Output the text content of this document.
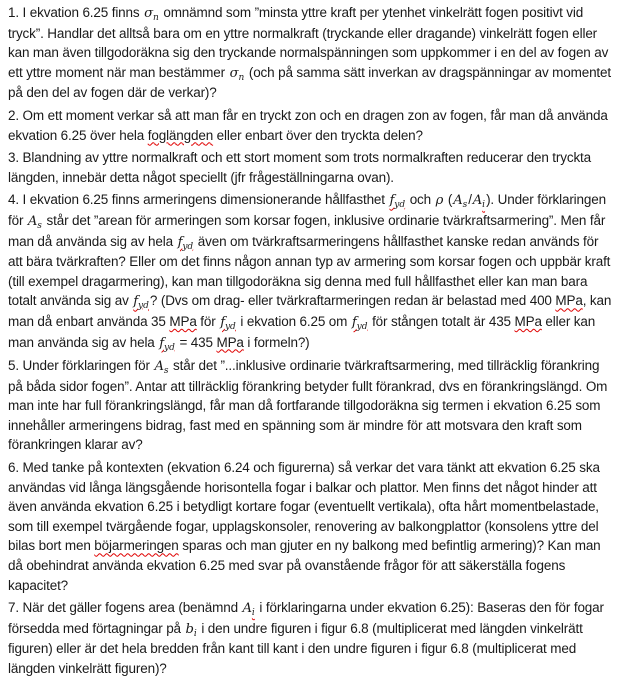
1. I ekvation 6.25 finns $\sigma_n$ omnämnd som ”minsta yttre kraft per ytenhet vinkelrätt fogen positivt vid tryck”. Handlar det alltså bara om en yttre normalkraft (tryckande eller dragande) vinkelrätt fogen eller kan man även tillgodoräkna sig den tryckande normalspänningen som uppkommer i en del av fogen av ett yttre moment när man bestämmer $\sigma_n$ (och på samma sätt inverkan av dragspänningar av momentet på den del av fogen där de verkar)?

2. Om ett moment verkar så att man får en tryckt zon och en dragen zon av fogen, får man då använda ekvation 6.25 över hela foglängden eller enbart över den tryckta delen?

3. Blandning av yttre normalkraft och ett stort moment som trots normalkraften reducerar den tryckta längden, innebär detta något speciellt (jfr frågeställningarna ovan).

4. I ekvation 6.25 finns armeringens dimensionerande hållfasthet $f_{yd}$ och ρ $(A_s/A_i)$. Under förklaringen för $A_s$ står det ”arean för armeringen som korsar fogen, inklusive ordinarie tvärkraftsarmering”. Men får man då använda sig av hela $f_{yd}$ även om tvärkraftsarmeringens hållfasthet kanske redan används för att bära tvärkraften? Eller om det finns någon annan typ av armering som korsar fogen och uppbär kraft (till exempel dragarmering), kan man tillgodoräkna sig denna med full hållfasthet eller kan man bara totalt använda sig av $f_{yd}$? (Dvs om drag- eller tvärkraftarmeringen redan är belastad med 400 MPa, kan man då enbart använda 35 MPa för $f_{yd}$ i ekvation 6.25 om $f_{yd}$ för stången totalt är 435 MPa eller kan man använda sig av hela $f_{yd} = 435$ MPa i formeln?)

5. Under förklaringen för $A_s$ står det ”...inklusive ordinarie tvärkraftsarmering, med tillräcklig förankring på båda sidor fogen”. Antar att tillräcklig förankring betyder fullt förankrad, dvs en förankringslängd. Om man inte har full förankringslängd, får man då fortfarande tillgodoräkna sig termen i ekvation 6.25 som innehåller armeringens bidrag, fast med en spänning som är mindre för att motsvara den kraft som förankringen klarar av?

6. Med tanke på kontexten (ekvation 6.24 och figurerna) så verkar det vara tänkt att ekvation 6.25 ska användas vid långa längsgående horisontella fogar i balkar och plattor. Men finns det något hinder att även använda ekvation 6.25 i betydligt kortare fogar (eventuellt vertikala), ofta hårt momentbelastade, som till exempel tvärgående fogar, upplagskonsoler, renovering av balkongplattor (konsolens yttre del bilas bort men böjarmeringen sparas och man gjuter en ny balkong med befintlig armering)? Kan man då obehindrat använda ekvation 6.25 med svar på ovanstående frågor för att säkerställa fogens kapacitet?

7. När det gäller fogens area (benämnd $A_i$ i förklaringarna under ekvation 6.25): Baseras den för fogar försedda med förtagningar på $b_i$ i den undre figuren i figur 6.8 (multiplicerat med längden vinkelrätt figuren) eller är det hela bredden från kant till kant i den undre figuren i figur 6.8 (multiplicerat med längden vinkelrätt figuren)?
